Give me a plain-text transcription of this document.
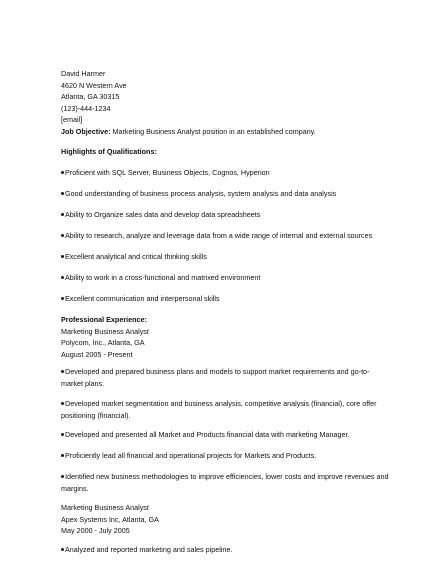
David Harmer
4620 N Western Ave
Atlanta, GA 30315
(123)-444-1234
[email]
Job Objective: Marketing Business Analyst position in an established company.
Highlights of Qualifications:
Proficient with SQL Server, Business Objects, Cognos, Hyperion
Good understanding of business process analysis, system analysis and data analysis
Ability to Organize sales data and develop data spreadsheets
Ability to research, analyze and leverage data from a wide range of internal and external sources
Excellent analytical and critical thinking skills
Ability to work in a cross-functional and matrixed environment
Excellent communication and interpersonal skills
Professional Experience:
Marketing Business Analyst
Polycom, Inc., Atlanta, GA
August 2005 - Present
Developed and prepared business plans and models to support market requirements and go-to-market plans.
Developed market segmentation and business analysis, competitive analysis (financial), core offer positioning (financial).
Developed and presented all Market and Products financial data with marketing Manager.
Proficiently lead all financial and operational projects for Markets and Products.
Identified new business methodologies to improve efficiencies, lower costs and improve revenues and margins.
Marketing Business Analyst
Apex Systems Inc, Atlanta, GA
May 2000 - July 2005
Analyzed and reported marketing and sales pipeline.
